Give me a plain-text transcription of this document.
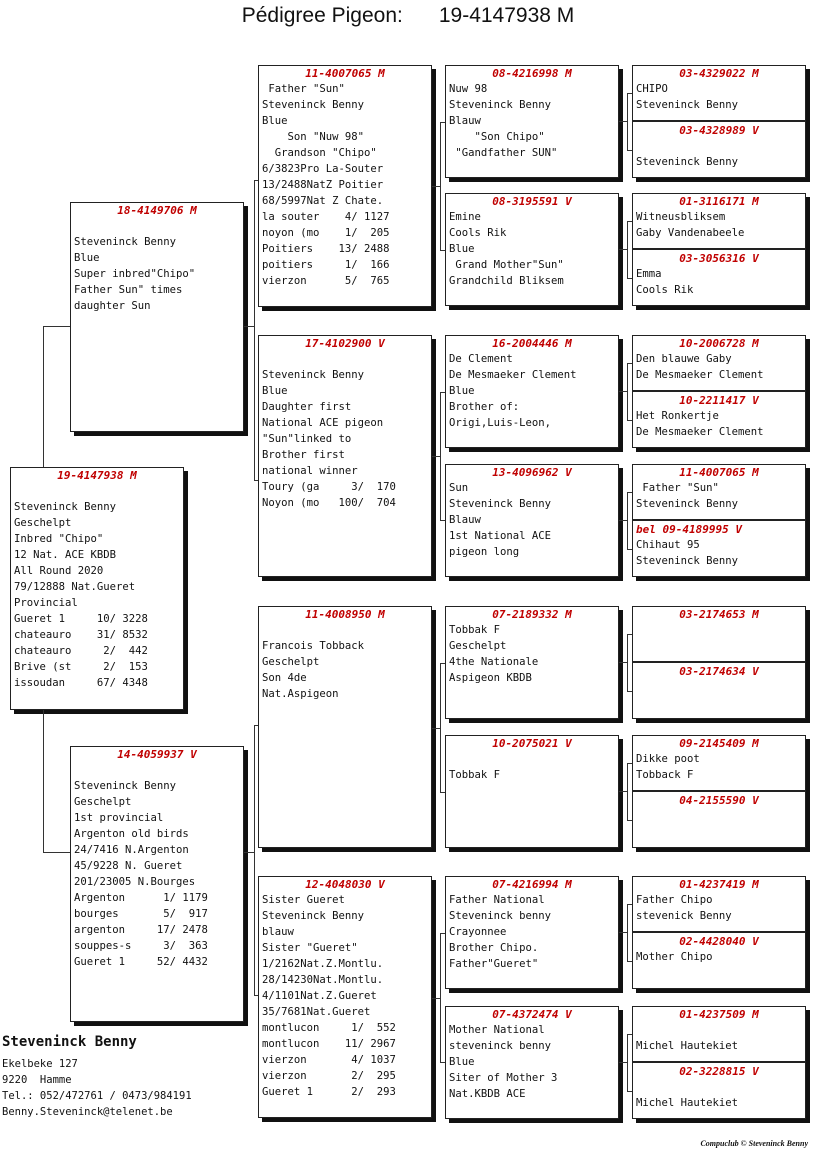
Pédigree Pigeon: 19-4147938 M
19-4147938 M

Steveninck Benny
Geschelpt
Inbred "Chipo"
12 Nat. ACE KBDB
All Round 2020
79/12888 Nat.Gueret
Provincial
Gueret 1     10/ 3228
chateauro    31/ 8532
chateauro     2/  442
Brive (st     2/  153
issoudan     67/ 4348
18-4149706 M

Steveninck Benny
Blue
Super inbred"Chipo"
Father Sun" times
daughter Sun
14-4059937 V

Steveninck Benny
Geschelpt
1st provincial
Argenton old birds
24/7416 N.Argenton
45/9228 N. Gueret
201/23005 N.Bourges
Argenton      1/ 1179
bourges       5/  917
argenton     17/ 2478
souppes-s     3/  363
Gueret 1     52/ 4432
11-4007065 M
Father "Sun"
Steveninck Benny
Blue
Son "Nuw 98"
Grandson "Chipo"
6/3823Pro La-Souter
13/2488NatZ Poitier
68/5997Nat Z Chate.
la souter    4/ 1127
noyon (mo    1/  205
Poitiers    13/ 2488
poitiers     1/  166
vierzon      5/  765
17-4102900 V

Steveninck Benny
Blue
Daughter first
National ACE pigeon
"Sun"linked to
Brother first
national winner
Toury (ga     3/  170
Noyon (mo   100/  704
11-4008950 M

Francois Tobback
Geschelpt
Son 4de
Nat.Aspigeon
12-4048030 V
Sister Gueret
Steveninck Benny
blauw
Sister "Gueret"
1/2162Nat.Z.Montlu.
28/14230Nat.Montlu.
4/1101Nat.Z.Gueret
35/7681Nat.Gueret
montlucon     1/  552
montlucon    11/ 2967
vierzon       4/ 1037
vierzon       2/  295
Gueret 1      2/  293
08-4216998 M
Nuw 98
Steveninck Benny
Blauw
"Son Chipo"
"Gandfather SUN"
08-3195591 V
Emine
Cools Rik
Blue
Grand Mother"Sun"
Grandchild Bliksem
16-2004446 M
De Clement
De Mesmaeker Clement
Blue
Brother of:
Origi,Luis-Leon,
13-4096962 V
Sun
Steveninck Benny
Blauw
1st National ACE
pigeon long
07-2189332 M
Tobbak F
Geschelpt
4the Nationale
Aspigeon KBDB
10-2075021 V

Tobbak F
07-4216994 M
Father National
Steveninck benny
Crayonnee
Brother Chipo.
Father"Gueret"
07-4372474 V
Mother National
steveninck benny
Blue
Siter of Mother 3
Nat.KBDB ACE
03-4329022 M
CHIPO
Steveninck Benny
03-4328989 V

Steveninck Benny
01-3116171 M
Witneusbliksem
Gaby Vandenabeele
03-3056316 V
Emma
Cools Rik
10-2006728 M
Den blauwe Gaby
De Mesmaeker Clement
10-2211417 V
Het Ronkertje
De Mesmaeker Clement
11-4007065 M
Father "Sun"
Steveninck Benny
bel 09-4189995 V
Chihaut 95
Steveninck Benny
03-2174653 M

03-2174634 V

09-2145409 M
Dikke poot
Tobback F
04-2155590 V

01-4237419 M
Father Chipo
stevenick Benny
02-4428040 V
Mother Chipo
01-4237509 M

Michel Hautekiet
02-3228815 V

Michel Hautekiet
Steveninck Benny
Ekelbeke 127
9220  Hamme
Tel.: 052/472761 / 0473/984191
Benny.Steveninck@telenet.be
Compuclub © Steveninck Benny
